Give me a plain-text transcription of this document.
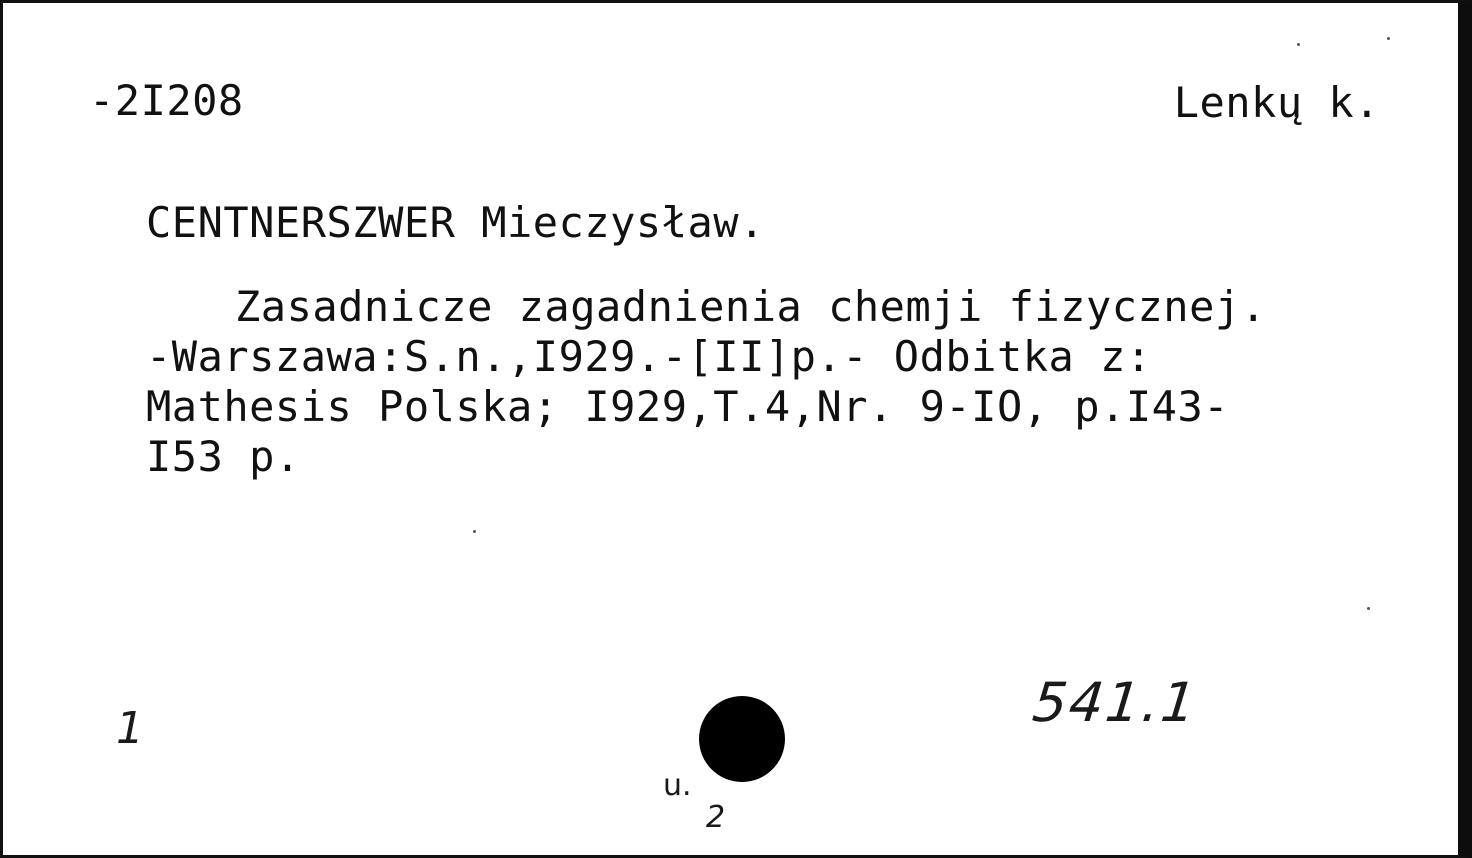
-2I208	Lenkų k.
CENTNERSZWER Mieczysław.
Zasadnicze zagadnienia chemji fizycznej.
-Warszawa:S.n.,I929.-[II]p.- Odbitka z:
Mathesis Polska; I929,T.4,Nr. 9-IO, p.I43-
I53 p.
541.1
1
u.
2
